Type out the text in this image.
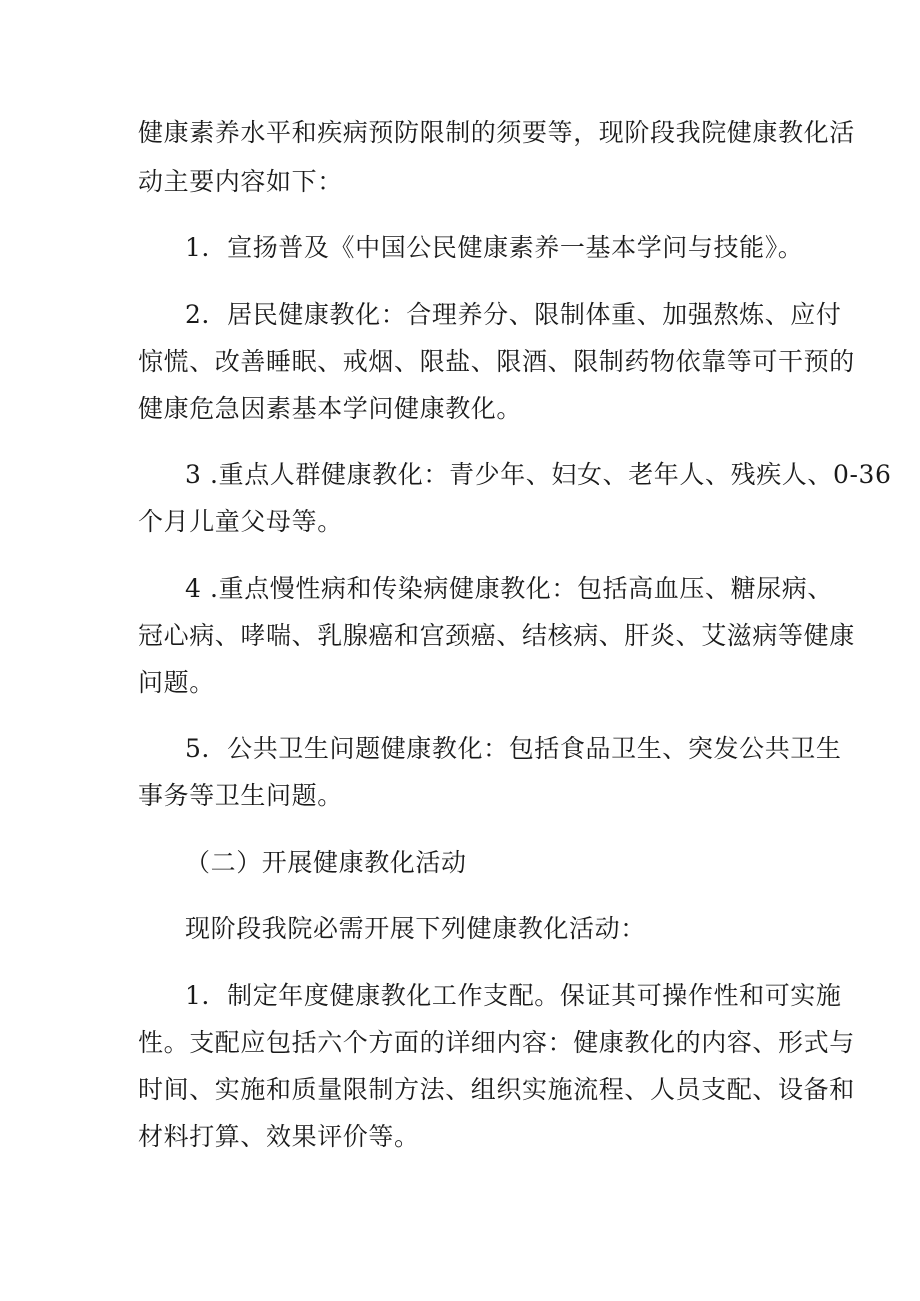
健康素养水平和疾病预防限制的须要等，现阶段我院健康教化活
动主要内容如下：
1．宣扬普及《中国公民健康素养一基本学问与技能》。
2．居民健康教化：合理养分、限制体重、加强熬炼、应付
惊慌、改善睡眠、戒烟、限盐、限酒、限制药物依靠等可干预的
健康危急因素基本学问健康教化。
3 .重点人群健康教化：青少年、妇女、老年人、残疾人、0-36
个月儿童父母等。
4 .重点慢性病和传染病健康教化：包括高血压、糖尿病、
冠心病、哮喘、乳腺癌和宫颈癌、结核病、肝炎、艾滋病等健康
问题。
5．公共卫生问题健康教化：包括食品卫生、突发公共卫生
事务等卫生问题。
（二）开展健康教化活动
现阶段我院必需开展下列健康教化活动：
1．制定年度健康教化工作支配。保证其可操作性和可实施
性。支配应包括六个方面的详细内容：健康教化的内容、形式与
时间、实施和质量限制方法、组织实施流程、人员支配、设备和
材料打算、效果评价等。
